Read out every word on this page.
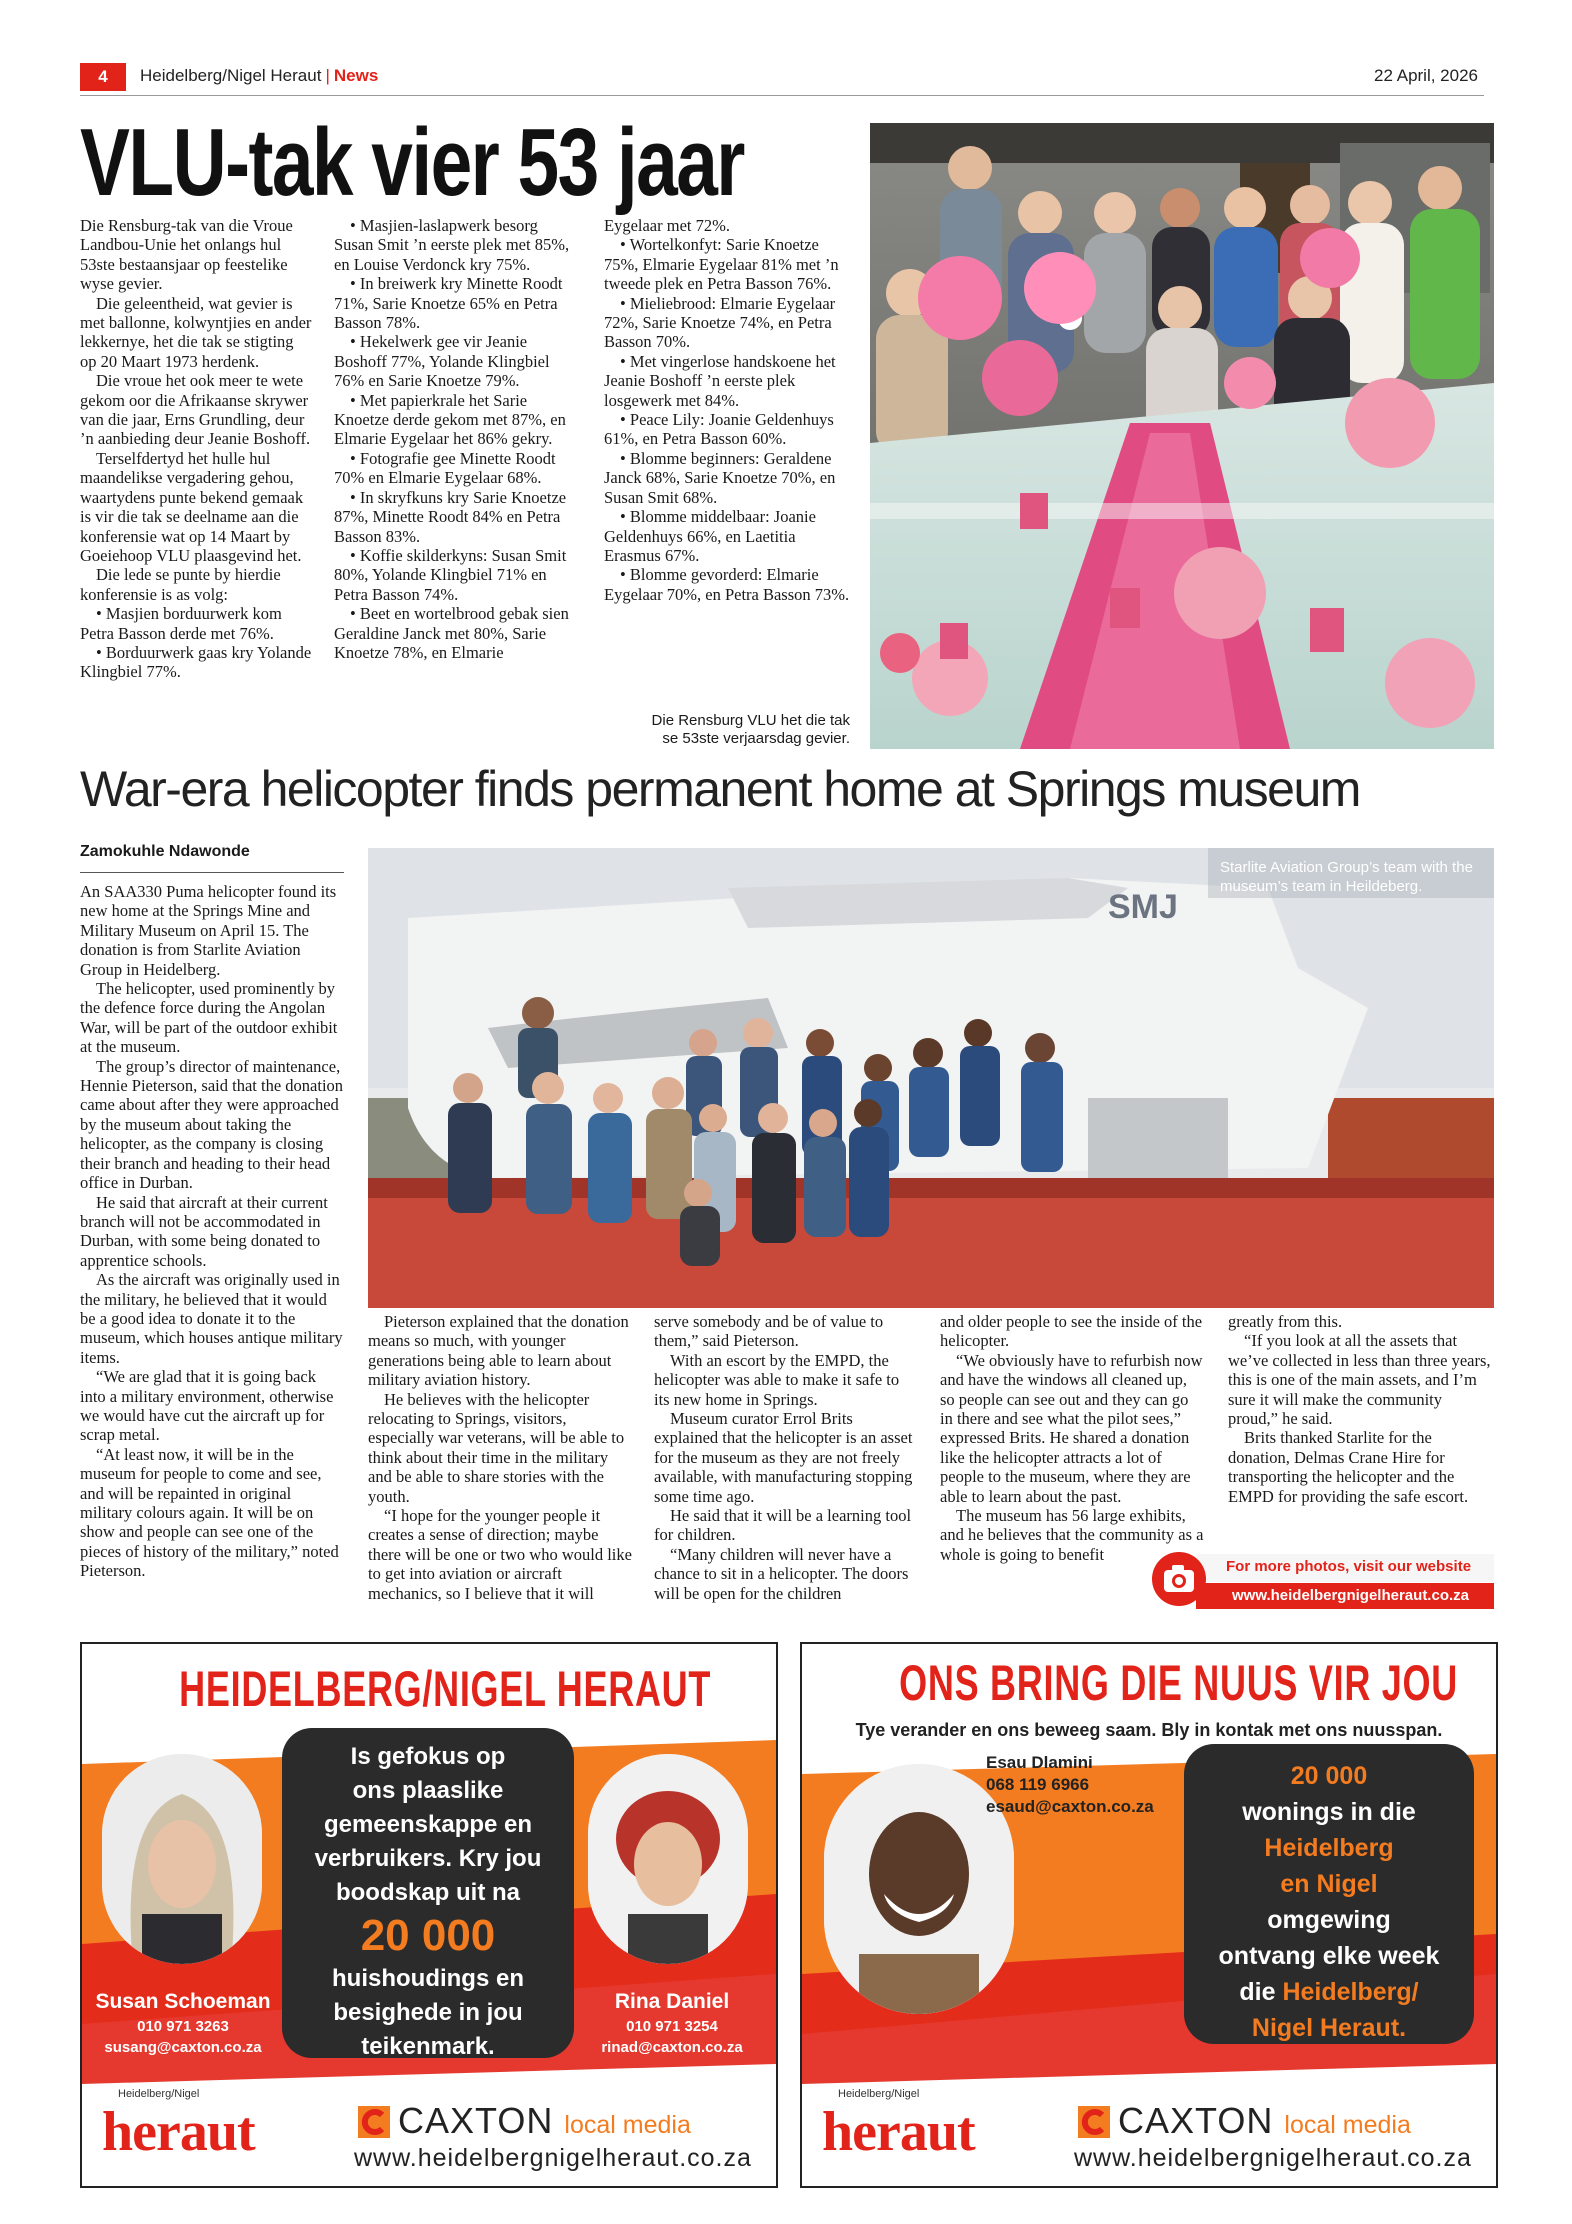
4	Heidelberg/Nigel Heraut | News	22 April, 2026
VLU-tak vier 53 jaar

Die Rensburg-tak van die Vroue Landbou-Unie het onlangs hul 53ste bestaansjaar op feestelike wyse gevier.

Die geleentheid, wat gevier is met ballonne, kolwyntjies en ander lekkernye, het die tak se stigting op 20 Maart 1973 herdenk.

Die vroue het ook meer te wete gekom oor die Afrikaanse skrywer van die jaar, Erns Grundling, deur ’n aanbieding deur Jeanie Boshoff.

Terselfdertyd het hulle hul maandelikse vergadering gehou, waartydens punte bekend gemaak is vir die tak se deelname aan die konferensie wat op 14 Maart by Goeiehoop VLU plaasgevind het.

Die lede se punte by hierdie konferensie is as volg:

• Masjien borduurwerk kom Petra Basson derde met 76%.

• Borduurwerk gaas kry Yolande Klingbiel 77%.

• Masjien-laslapwerk besorg Susan Smit ’n eerste plek met 85%, en Louise Verdonck kry 75%.

• In breiwerk kry Minette Roodt 71%, Sarie Knoetze 65% en Petra Basson 78%.

• Hekelwerk gee vir Jeanie Boshoff 77%, Yolande Klingbiel 76% en Sarie Knoetze 79%.

• Met papierkrale het Sarie Knoetze derde gekom met 87%, en Elmarie Eygelaar het 86% gekry.

• Fotografie gee Minette Roodt 70% en Elmarie Eygelaar 68%.

• In skryfkuns kry Sarie Knoetze 87%, Minette Roodt 84% en Petra Basson 83%.

• Koffie skilderkyns: Susan Smit 80%, Yolande Klingbiel 71% en Petra Basson 74%.

• Beet en wortelbrood gebak sien Geraldine Janck met 80%, Sarie Knoetze 78%, en Elmarie

Eygelaar met 72%.

• Wortelkonfyt: Sarie Knoetze 75%, Elmarie Eygelaar 81% met ’n tweede plek en Petra Basson 76%.

• Mieliebrood: Elmarie Eygelaar 72%, Sarie Knoetze 74%, en Petra Basson 70%.

• Met vingerlose handskoene het Jeanie Boshoff ’n eerste plek losgewerk met 84%.

• Peace Lily: Joanie Geldenhuys 61%, en Petra Basson 60%.

• Blomme beginners: Geraldene Janck 68%, Sarie Knoetze 70%, en Susan Smit 68%.

• Blomme middelbaar: Joanie Geldenhuys 66%, en Laetitia Erasmus 67%.

• Blomme gevorderd: Elmarie Eygelaar 70%, en Petra Basson 73%.

Die Rensburg VLU het die tak
se 53ste verjaarsdag gevier.
War-era helicopter finds permanent home at Springs museum
Zamokuhle Ndawonde

An SAA330 Puma helicopter found its new home at the Springs Mine and Military Museum on April 15. The donation is from Starlite Aviation Group in Heidelberg.

The helicopter, used prominently by the defence force during the Angolan War, will be part of the outdoor exhibit at the museum.

The group’s director of maintenance, Hennie Pieterson, said that the donation came about after they were approached by the museum about taking the helicopter, as the company is closing their branch and heading to their head office in Durban.

He said that aircraft at their current branch will not be accommodated in Durban, with some being donated to apprentice schools.

As the aircraft was originally used in the military, he believed that it would be a good idea to donate it to the museum, which houses antique military items.

“We are glad that it is going back into a military environment, otherwise we would have cut the aircraft up for scrap metal.

“At least now, it will be in the museum for people to come and see, and will be repainted in original military colours again. It will be on show and people can see one of the pieces of history of the military,” noted Pieterson.

SMJ
Starlite Aviation Group’s team with the museum’s team in Heildeberg.

Pieterson explained that the donation means so much, with younger generations being able to learn about military aviation history.

He believes with the helicopter relocating to Springs, visitors, especially war veterans, will be able to think about their time in the military and be able to share stories with the youth.

“I hope for the younger people it creates a sense of direction; maybe there will be one or two who would like to get into aviation or aircraft mechanics, so I believe that it will

serve somebody and be of value to them,” said Pieterson.

With an escort by the EMPD, the helicopter was able to make it safe to its new home in Springs.

Museum curator Errol Brits explained that the helicopter is an asset for the museum as they are not freely available, with manufacturing stopping some time ago.

He said that it will be a learning tool for children.

“Many children will never have a chance to sit in a helicopter. The doors will be open for the children

and older people to see the inside of the helicopter.

“We obviously have to refurbish now and have the windows all cleaned up, so people can see out and they can go in there and see what the pilot sees,” expressed Brits. He shared a donation like the helicopter attracts a lot of people to the museum, where they are able to learn about the past.

The museum has 56 large exhibits, and he believes that the community as a whole is going to benefit

greatly from this.

“If you look at all the assets that we’ve collected in less than three years, this is one of the main assets, and I’m sure it will make the community proud,” he said.

Brits thanked Starlite for the donation, Delmas Crane Hire for transporting the helicopter and the EMPD for providing the safe escort.

For more photos, visit our website
www.heidelbergnigelheraut.co.za
HEIDELBERG/NIGEL HERAUT
Is gefokus op
ons plaaslike
gemeenskappe en
verbruikers. Kry jou
boodskap uit na
20 000
huishoudings en
besighede in jou
teikenmark.
Susan Schoeman
010 971 3263
susang@caxton.co.za
Rina Daniel
010 971 3254
rinad@caxton.co.za
Heidelberg/Nigel
heraut	CAXTON local media
www.heidelbergnigelheraut.co.za
ONS BRING DIE NUUS VIR JOU
Tye verander en ons beweeg saam. Bly in kontak met ons nuusspan.
Esau Dlamini
068 119 6966
esaud@caxton.co.za
20 000
wonings in die
Heidelberg
en Nigel
omgewing
ontvang elke week
die Heidelberg/
Nigel Heraut.
Heidelberg/Nigel
heraut	CAXTON local media
www.heidelbergnigelheraut.co.za
